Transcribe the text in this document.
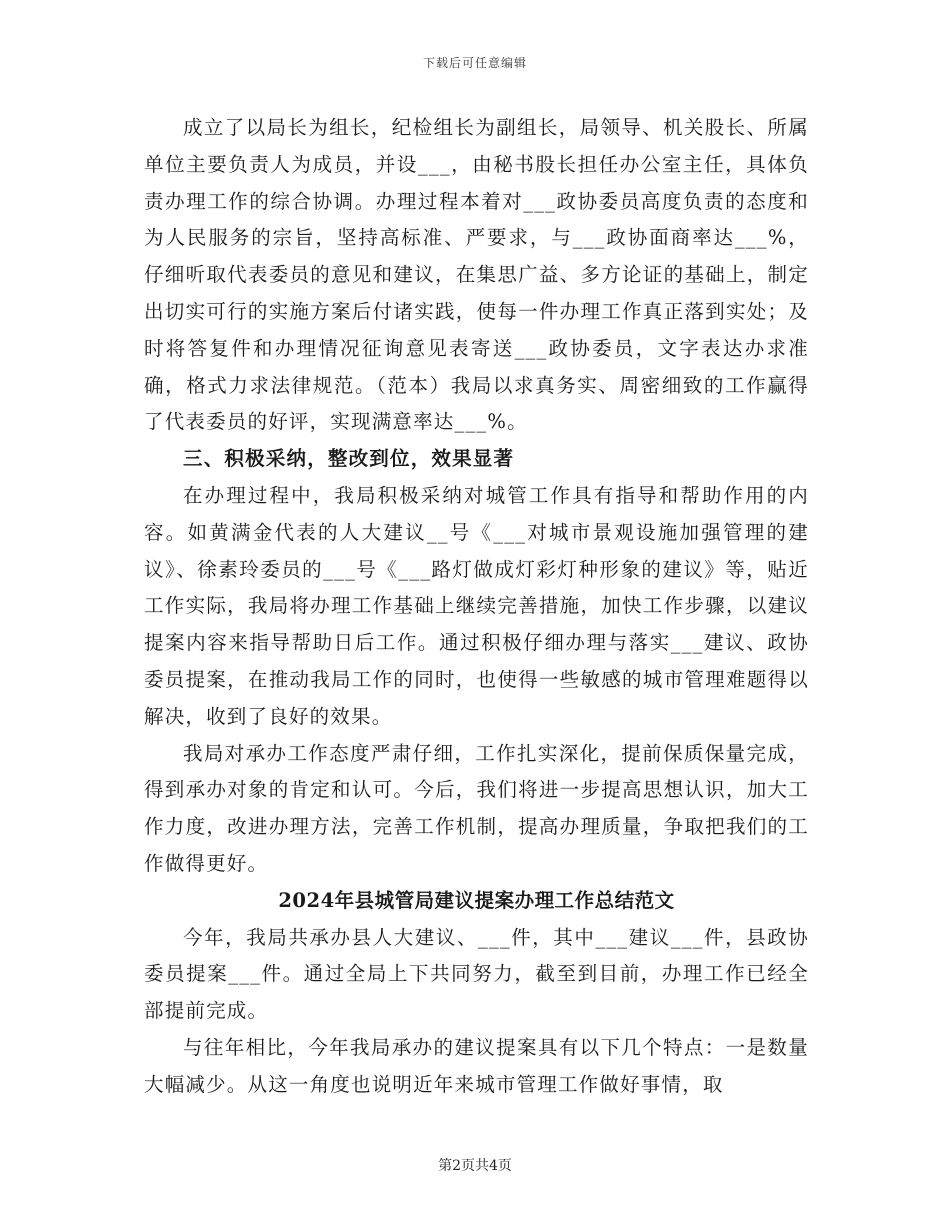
下载后可任意编辑

成立了以局长为组长，纪检组长为副组长，局领导、机关股长、所属单位主要负责人为成员，并设___，由秘书股长担任办公室主任，具体负责办理工作的综合协调。办理过程本着对___政协委员高度负责的态度和为人民服务的宗旨，坚持高标准、严要求，与___政协面商率达___%，仔细听取代表委员的意见和建议，在集思广益、多方论证的基础上，制定出切实可行的实施方案后付诸实践，使每一件办理工作真正落到实处；及时将答复件和办理情况征询意见表寄送___政协委员，文字表达办求准确，格式力求法律规范。（范本）我局以求真务实、周密细致的工作赢得了代表委员的好评，实现满意率达___%。

三、积极采纳，整改到位，效果显著

在办理过程中，我局积极采纳对城管工作具有指导和帮助作用的内容。如黄满金代表的人大建议__号《___对城市景观设施加强管理的建议》、徐素玲委员的___号《___路灯做成灯彩灯种形象的建议》等，贴近工作实际，我局将办理工作基础上继续完善措施，加快工作步骤，以建议提案内容来指导帮助日后工作。通过积极仔细办理与落实___建议、政协委员提案，在推动我局工作的同时，也使得一些敏感的城市管理难题得以解决，收到了良好的效果。

我局对承办工作态度严肃仔细，工作扎实深化，提前保质保量完成，得到承办对象的肯定和认可。今后，我们将进一步提高思想认识，加大工作力度，改进办理方法，完善工作机制，提高办理质量，争取把我们的工作做得更好。

2024年县城管局建议提案办理工作总结范文

今年，我局共承办县人大建议、___件，其中___建议___件，县政协委员提案___件。通过全局上下共同努力，截至到目前，办理工作已经全部提前完成。

与往年相比，今年我局承办的建议提案具有以下几个特点：一是数量大幅减少。从这一角度也说明近年来城市管理工作做好事情，取

第2页共4页
